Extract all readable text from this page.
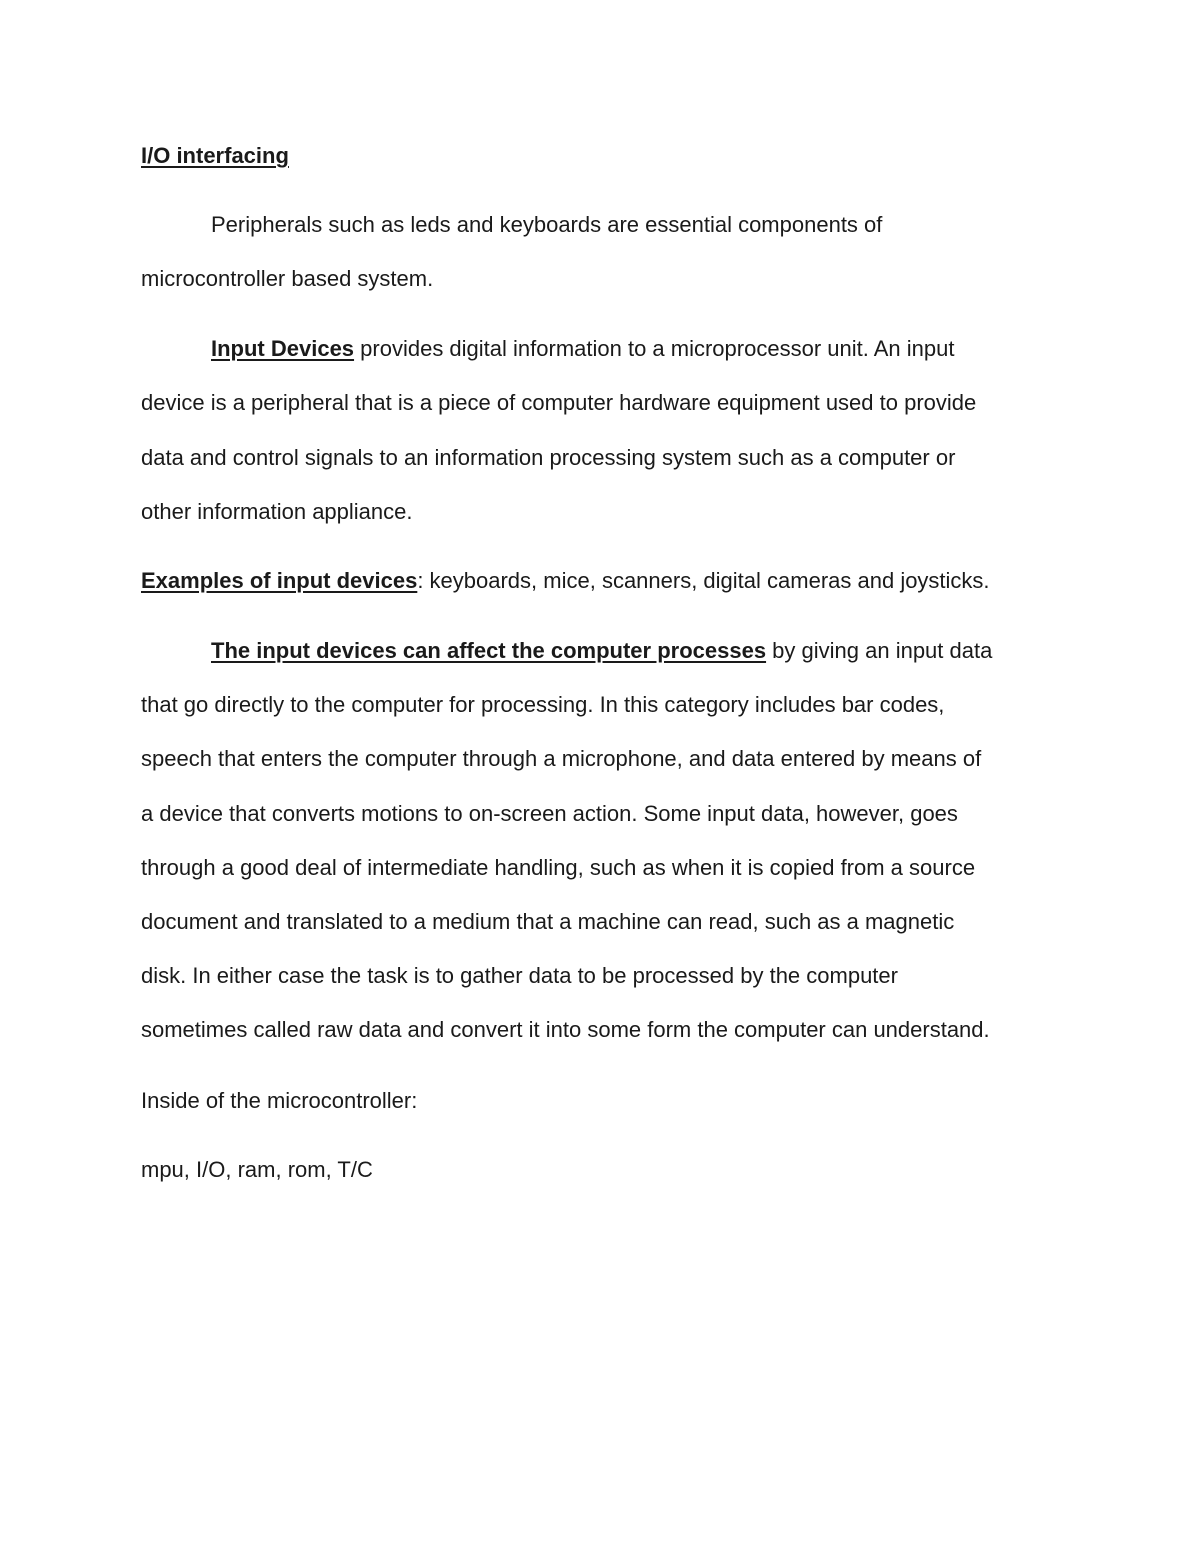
I/O interfacing

Peripherals such as leds and keyboards are essential components of

microcontroller based system.

Input Devices provides digital information to a microprocessor unit. An input

device is a peripheral that is a piece of computer hardware equipment used to provide

data and control signals to an information processing system such as a computer or

other information appliance.

Examples of input devices: keyboards, mice, scanners, digital cameras and joysticks.

The input devices can affect the computer processes by giving an input data

that go directly to the computer for processing. In this category includes bar codes,

speech that enters the computer through a microphone, and data entered by means of

a device that converts motions to on-screen action. Some input data, however, goes

through a good deal of intermediate handling, such as when it is copied from a source

document and translated to a medium that a machine can read, such as a magnetic

disk. In either case the task is to gather data to be processed by the computer

sometimes called raw data and convert it into some form the computer can understand.

Inside of the microcontroller:

mpu, I/O, ram, rom, T/C
